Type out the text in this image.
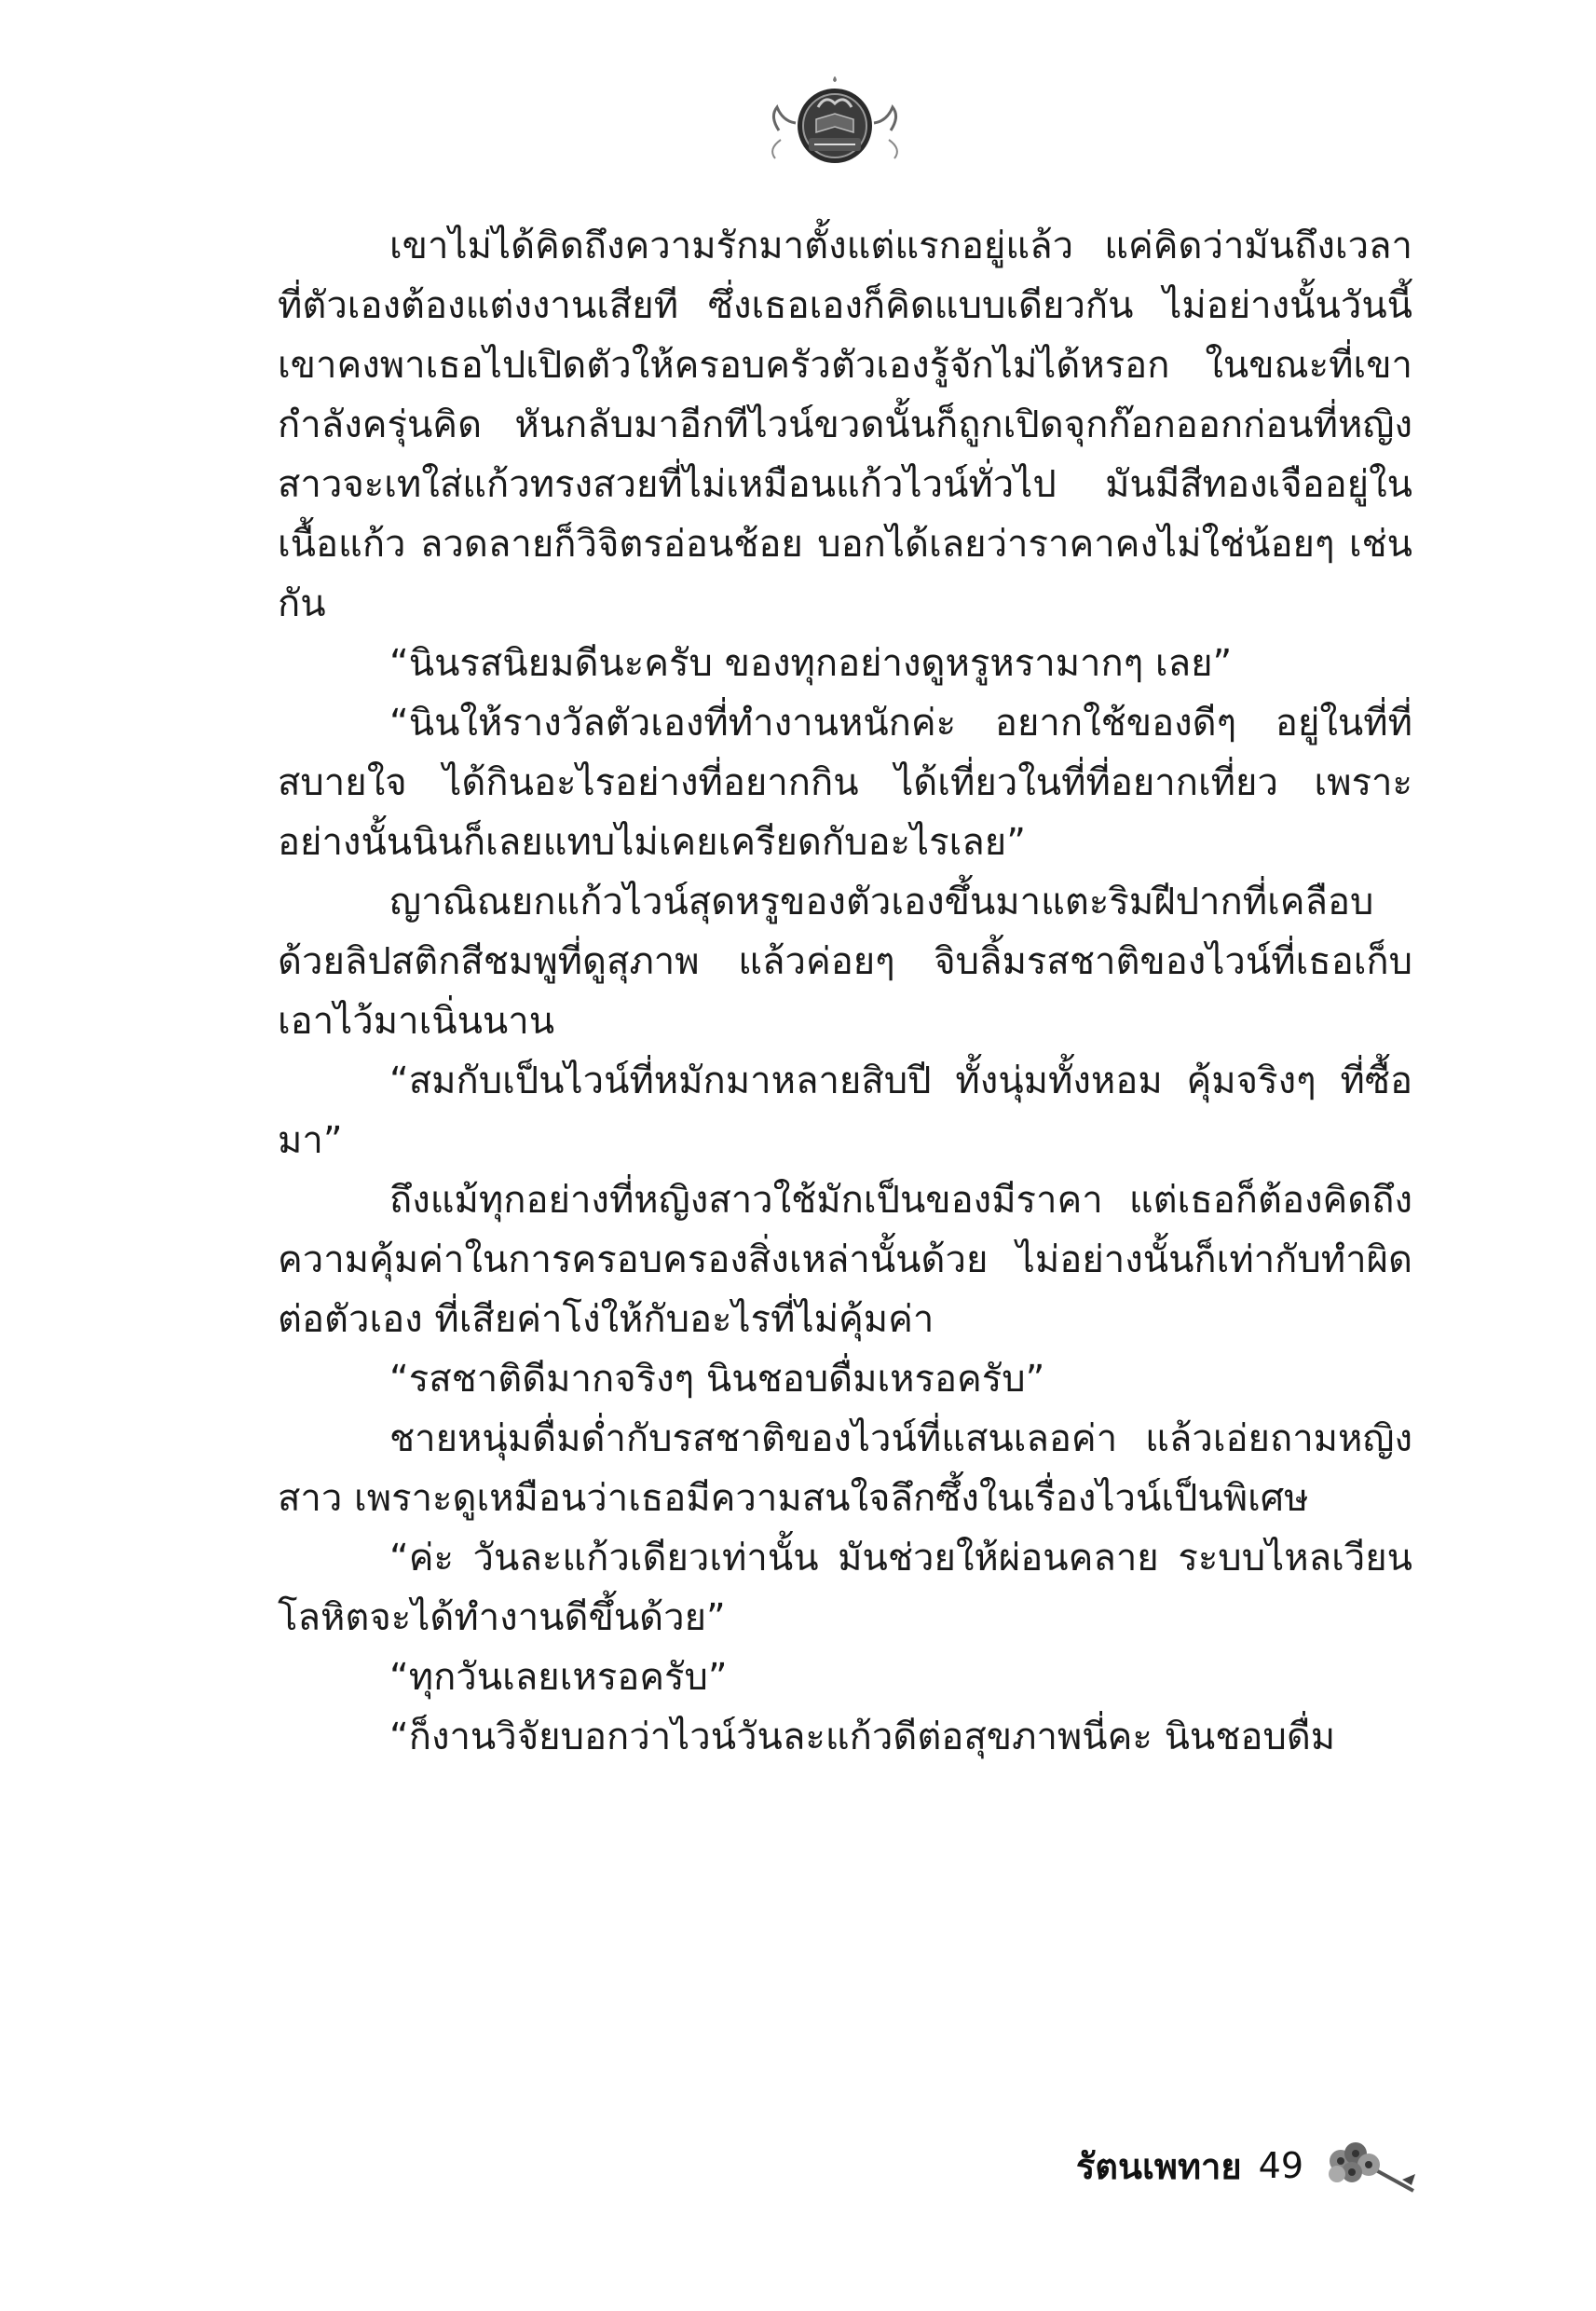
เขาไม่ได้คิดถึงความรักมาตั้งแต่แรกอยู่แล้ว แค่คิดว่ามันถึงเวลาที่ตัวเองต้องแต่งงานเสียที ซึ่งเธอเองก็คิดแบบเดียวกัน ไม่อย่างนั้นวันนี้เขาคงพาเธอไปเปิดตัวให้ครอบครัวตัวเองรู้จักไม่ได้หรอก ในขณะที่เขากำลังครุ่นคิด หันกลับมาอีกทีไวน์ขวดนั้นก็ถูกเปิดจุกก๊อกออกก่อนที่หญิงสาวจะเทใส่แก้วทรงสวยที่ไม่เหมือนแก้วไวน์ทั่วไป มันมีสีทองเจืออยู่ในเนื้อแก้ว ลวดลายก็วิจิตรอ่อนช้อย บอกได้เลยว่าราคาคงไม่ใช่น้อยๆ เช่นกัน

“นินรสนิยมดีนะครับ ของทุกอย่างดูหรูหรามากๆ เลย”

“นินให้รางวัลตัวเองที่ทำงานหนักค่ะ อยากใช้ของดีๆ อยู่ในที่ที่สบายใจ ได้กินอะไรอย่างที่อยากกิน ได้เที่ยวในที่ที่อยากเที่ยว เพราะอย่างนั้นนินก็เลยแทบไม่เคยเครียดกับอะไรเลย”

ญาณิณยกแก้วไวน์สุดหรูของตัวเองขึ้นมาแตะริมฝีปากที่เคลือบด้วยลิปสติกสีชมพูที่ดูสุภาพ แล้วค่อยๆ จิบลิ้มรสชาติของไวน์ที่เธอเก็บเอาไว้มาเนิ่นนาน

“สมกับเป็นไวน์ที่หมักมาหลายสิบปี ทั้งนุ่มทั้งหอม คุ้มจริงๆ ที่ซื้อมา”

ถึงแม้ทุกอย่างที่หญิงสาวใช้มักเป็นของมีราคา แต่เธอก็ต้องคิดถึงความคุ้มค่าในการครอบครองสิ่งเหล่านั้นด้วย ไม่อย่างนั้นก็เท่ากับทำผิดต่อตัวเอง ที่เสียค่าโง่ให้กับอะไรที่ไม่คุ้มค่า

“รสชาติดีมากจริงๆ นินชอบดื่มเหรอครับ”

ชายหนุ่มดื่มด่ำกับรสชาติของไวน์ที่แสนเลอค่า แล้วเอ่ยถามหญิงสาว เพราะดูเหมือนว่าเธอมีความสนใจลึกซึ้งในเรื่องไวน์เป็นพิเศษ

“ค่ะ วันละแก้วเดียวเท่านั้น มันช่วยให้ผ่อนคลาย ระบบไหลเวียนโลหิตจะได้ทำงานดีขึ้นด้วย”

“ทุกวันเลยเหรอครับ”

“ก็งานวิจัยบอกว่าไวน์วันละแก้วดีต่อสุขภาพนี่คะ นินชอบดื่ม

รัตนเพทาย 49
